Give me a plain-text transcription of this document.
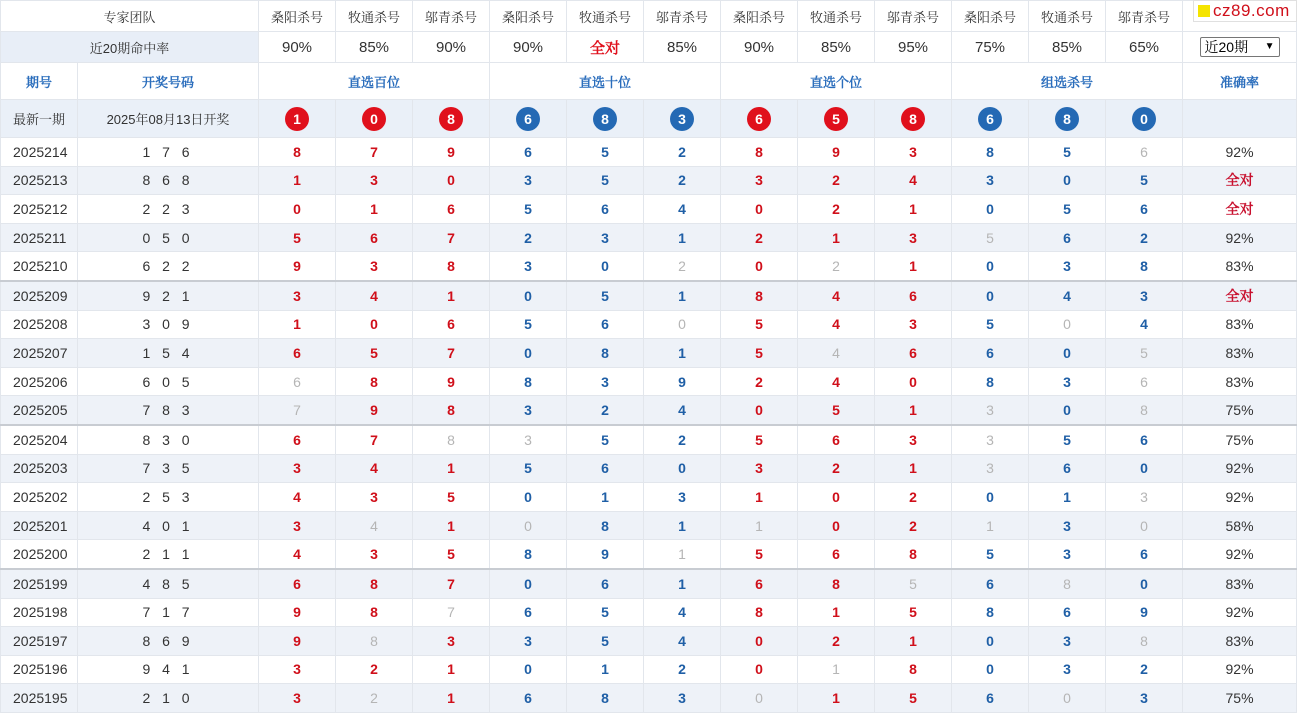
cz89.com
专家团队		桑阳杀号	牧通杀号	邬青杀号	桑阳杀号	牧通杀号	邬青杀号	桑阳杀号	牧通杀号	邬青杀号	桑阳杀号	牧通杀号	邬青杀号	
近20期命中率		90%	85%	90%	90%	全对	85%	90%	85%	95%	75%	85%	65%	近20期 ▼

期号	开奖号码	直选百位			直选十位			直选个位			组选杀号			准确率
最新一期	2025年08月13日开奖	1	0	8	6	8	3	6	5	8	6	8	0	
2025214	1 7 6	8	7	9	6	5	2	8	9	3	8	5	6	92%
2025213	8 6 8	1	3	0	3	5	2	3	2	4	3	0	5	全对
2025212	2 2 3	0	1	6	5	6	4	0	2	1	0	5	6	全对
2025211	0 5 0	5	6	7	2	3	1	2	1	3	5	6	2	92%
2025210	6 2 2	9	3	8	3	0	2	0	2	1	0	3	8	83%
2025209	9 2 1	3	4	1	0	5	1	8	4	6	0	4	3	全对
2025208	3 0 9	1	0	6	5	6	0	5	4	3	5	0	4	83%
2025207	1 5 4	6	5	7	0	8	1	5	4	6	6	0	5	83%
2025206	6 0 5	6	8	9	8	3	9	2	4	0	8	3	6	83%
2025205	7 8 3	7	9	8	3	2	4	0	5	1	3	0	8	75%
2025204	8 3 0	6	7	8	3	5	2	5	6	3	3	5	6	75%
2025203	7 3 5	3	4	1	5	6	0	3	2	1	3	6	0	92%
2025202	2 5 3	4	3	5	0	1	3	1	0	2	0	1	3	92%
2025201	4 0 1	3	4	1	0	8	1	1	0	2	1	3	0	58%
2025200	2 1 1	4	3	5	8	9	1	5	6	8	5	3	6	92%
2025199	4 8 5	6	8	7	0	6	1	6	8	5	6	8	0	83%
2025198	7 1 7	9	8	7	6	5	4	8	1	5	8	6	9	92%
2025197	8 6 9	9	8	3	3	5	4	0	2	1	0	3	8	83%
2025196	9 4 1	3	2	1	0	1	2	0	1	8	0	3	2	92%
2025195	2 1 0	3	2	1	6	8	3	0	1	5	6	0	3	75%
